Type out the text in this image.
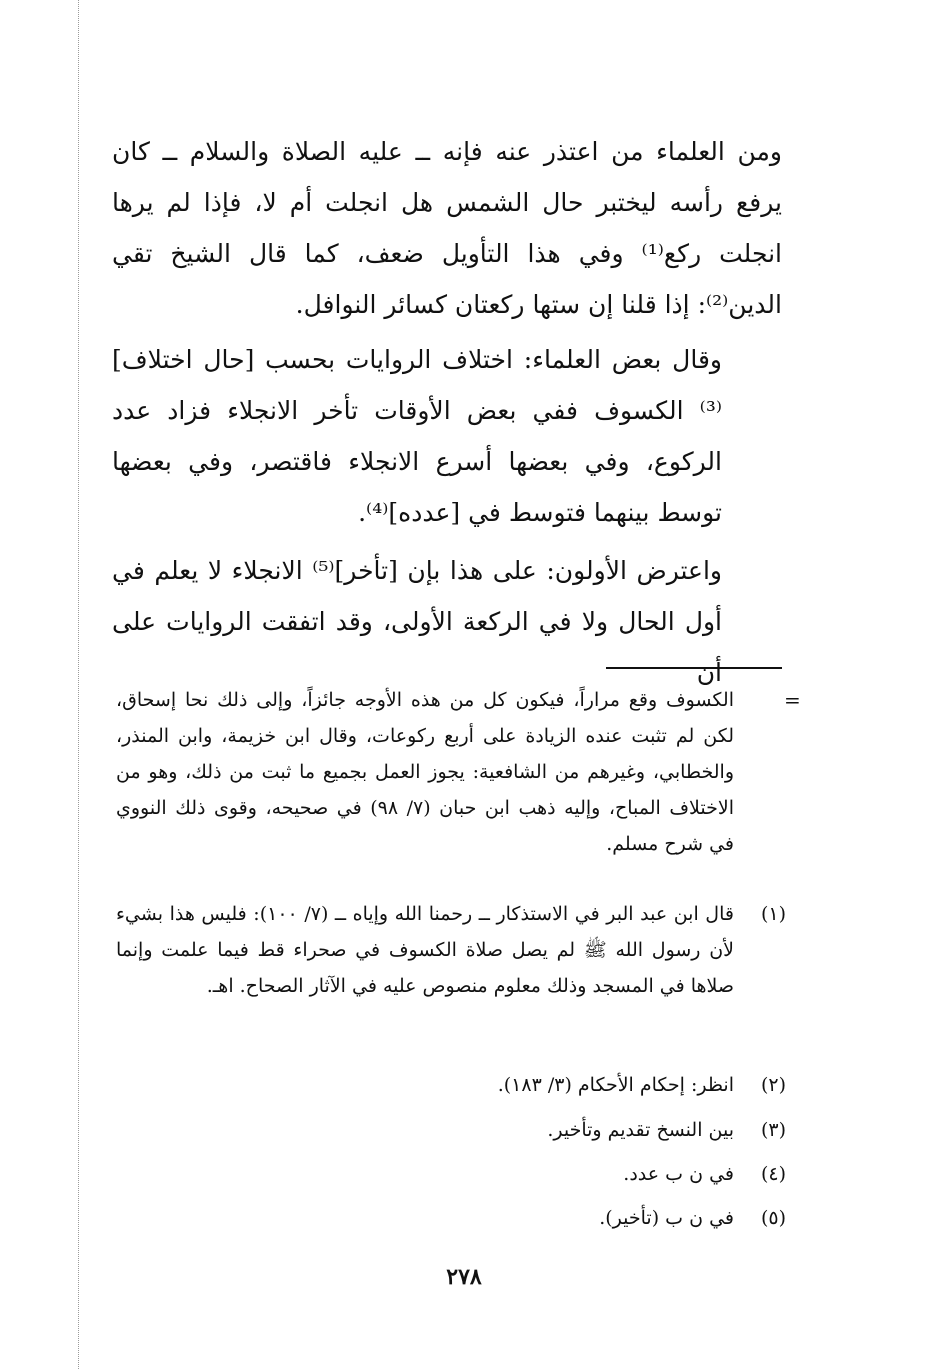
ومن العلماء من اعتذر عنه فإنه ــ عليه الصلاة والسلام ــ كان يرفع رأسه ليختبر حال الشمس هل انجلت أم لا، فإذا لم يرها انجلت ركع⁽¹⁾ وفي هذا التأويل ضعف، كما قال الشيخ تقي الدين⁽²⁾: إذا قلنا إن ستها ركعتان كسائر النوافل.
وقال بعض العلماء: اختلاف الروايات بحسب [حال اختلاف]⁽³⁾ الكسوف ففي بعض الأوقات تأخر الانجلاء فزاد عدد الركوع، وفي بعضها أسرع الانجلاء فاقتصر، وفي بعضها توسط بينهما فتوسط في [عدده]⁽⁴⁾.
واعترض الأولون: على هذا بإن [تأخر]⁽⁵⁾ الانجلاء لا يعلم في أول الحال ولا في الركعة الأولى، وقد اتفقت الروايات على أن
=
الكسوف وقع مراراً، فيكون كل من هذه الأوجه جائزاً، وإلى ذلك نحا إسحاق، لكن لم تثبت عنده الزيادة على أربع ركوعات، وقال ابن خزيمة، وابن المنذر، والخطابي، وغيرهم من الشافعية: يجوز العمل بجميع ما ثبت من ذلك، وهو من الاختلاف المباح، وإليه ذهب ابن حبان (٧/ ٩٨) في صحيحه، وقوى ذلك النووي في شرح مسلم.
(١)
قال ابن عبد البر في الاستذكار ــ رحمنا الله وإياه ــ (٧/ ١٠٠): فليس هذا بشيء لأن رسول الله ﷺ لم يصل صلاة الكسوف في صحراء قط فيما علمت وإنما صلاها في المسجد وذلك معلوم منصوص عليه في الآثار الصحاح. اهـ.
(٢)
انظر: إحكام الأحكام (٣/ ١٨٣).
(٣)
بين النسخ تقديم وتأخير.
(٤)
في ن ب عدد.
(٥)
في ن ب (تأخير).
٢٧٨
